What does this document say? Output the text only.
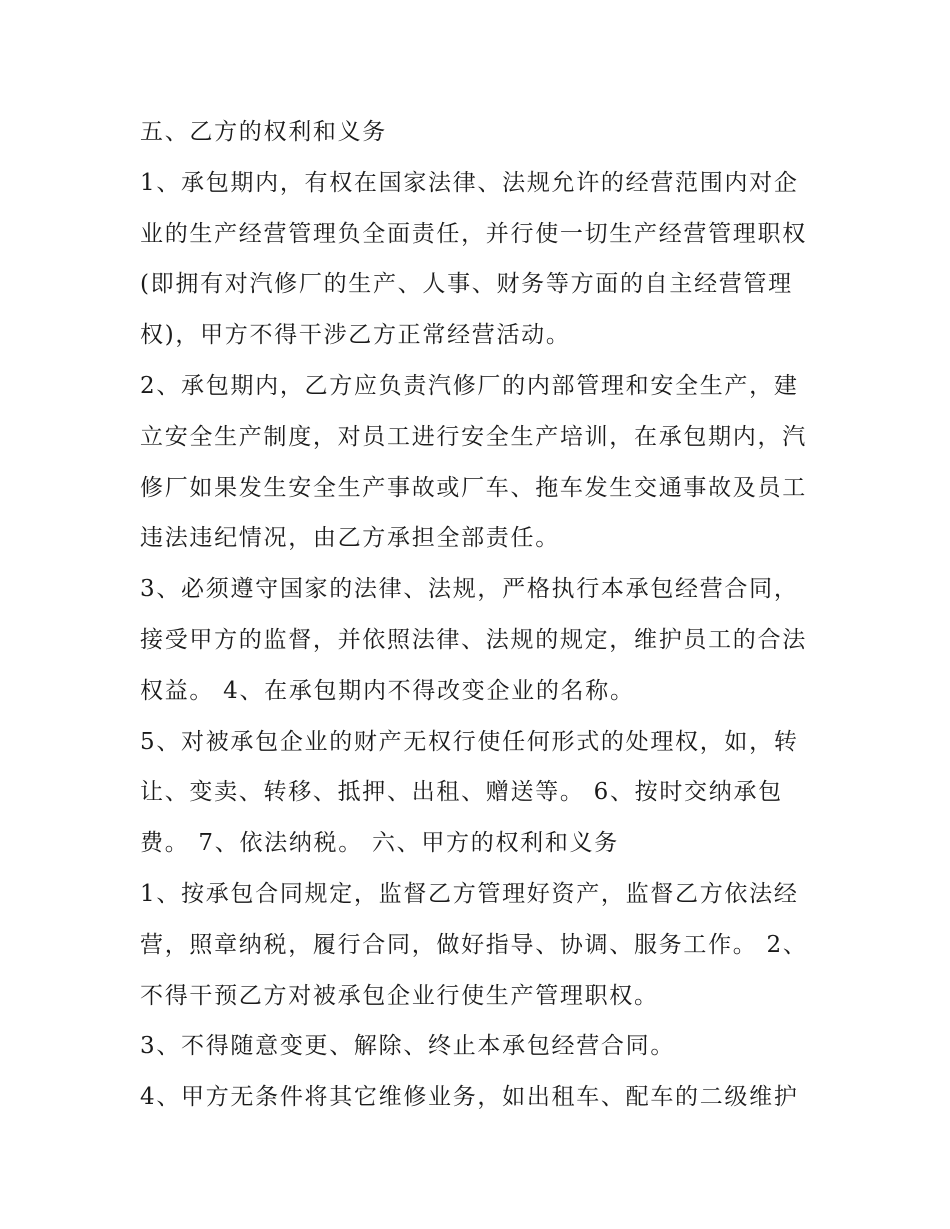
五、乙方的权利和义务
1、承包期内，有权在国家法律、法规允许的经营范围内对企
业的生产经营管理负全面责任，并行使一切生产经营管理职权
(即拥有对汽修厂的生产、人事、财务等方面的自主经营管理
权)，甲方不得干涉乙方正常经营活动。
2、承包期内，乙方应负责汽修厂的内部管理和安全生产，建
立安全生产制度，对员工进行安全生产培训，在承包期内，汽
修厂如果发生安全生产事故或厂车、拖车发生交通事故及员工
违法违纪情况，由乙方承担全部责任。
3、必须遵守国家的法律、法规，严格执行本承包经营合同，
接受甲方的监督，并依照法律、法规的规定，维护员工的合法
权益。 4、在承包期内不得改变企业的名称。
5、对被承包企业的财产无权行使任何形式的处理权，如，转
让、变卖、转移、抵押、出租、赠送等。 6、按时交纳承包
费。 7、依法纳税。 六、甲方的权利和义务
1、按承包合同规定，监督乙方管理好资产，监督乙方依法经
营，照章纳税，履行合同，做好指导、协调、服务工作。 2、
不得干预乙方对被承包企业行使生产管理职权。
3、不得随意变更、解除、终止本承包经营合同。
4、甲方无条件将其它维修业务，如出租车、配车的二级维护
